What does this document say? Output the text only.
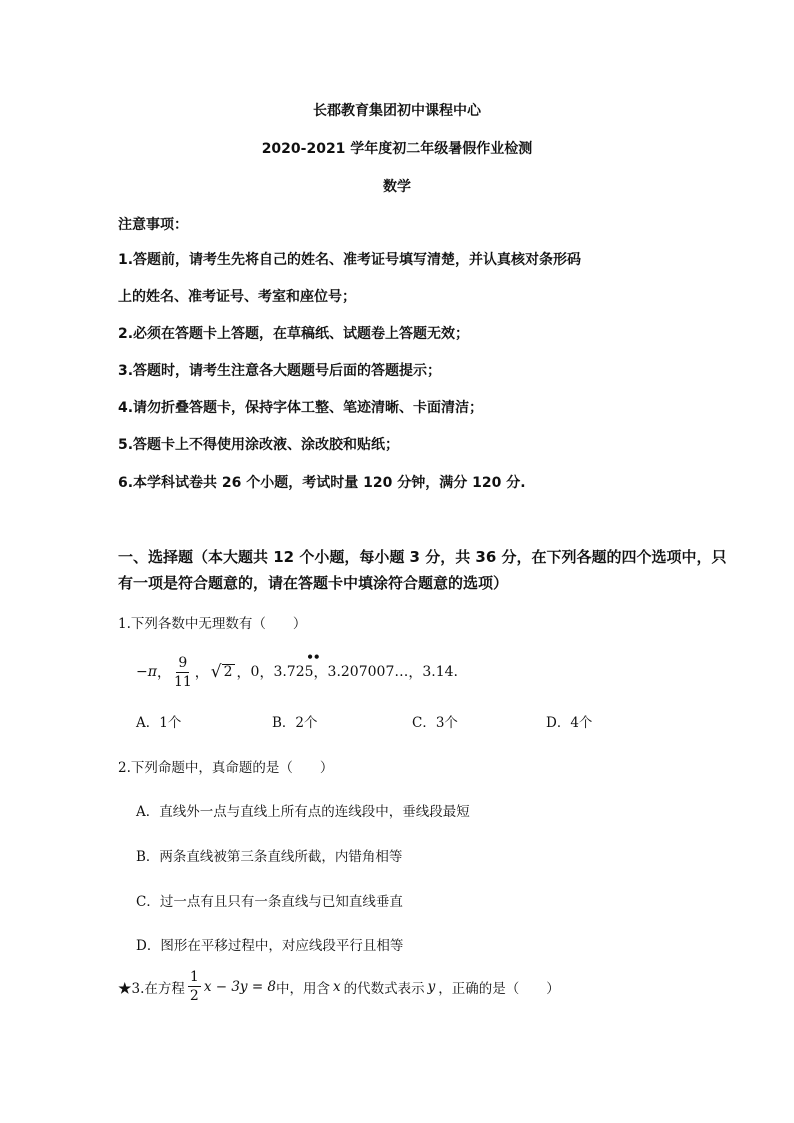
长郡教育集团初中课程中心
2020-2021 学年度初二年级暑假作业检测
数学
注意事项：
1.答题前，请考生先将自己的姓名、准考证号填写清楚，并认真核对条形码
上的姓名、准考证号、考室和座位号；
2.必须在答题卡上答题，在草稿纸、试题卷上答题无效；
3.答题时，请考生注意各大题题号后面的答题提示；
4.请勿折叠答题卡，保持字体工整、笔迹清晰、卡面清洁；
5.答题卡上不得使用涂改液、涂改胶和贴纸；
6.本学科试卷共 26 个小题，考试时量 120 分钟，满分 120 分.
一、选择题（本大题共 12 个小题，每小题 3 分，共 36 分，在下列各题的四个选项中，只
有一项是符合题意的，请在答题卡中填涂符合题意的选项）
1.下列各数中无理数有（　　）
−π ， $\frac{9}{11}$ ， √ 2 ， 0 ， 3.725
••
， 3.207007… ， 3.14 .
A．1个	B．2个	C．3个	D．4个
2.下列命题中，真命题的是（　　）
A．直线外一点与直线上所有点的连线段中，垂线段最短
B．两条直线被第三条直线所截，内错角相等
C．过一点有且只有一条直线与已知直线垂直
D．图形在平移过程中，对应线段平行且相等
★3.在方程 $\frac{1}{2}$ x − 3y = 8 中，用含 x 的代数式表示 y ，正确的是（　　）
